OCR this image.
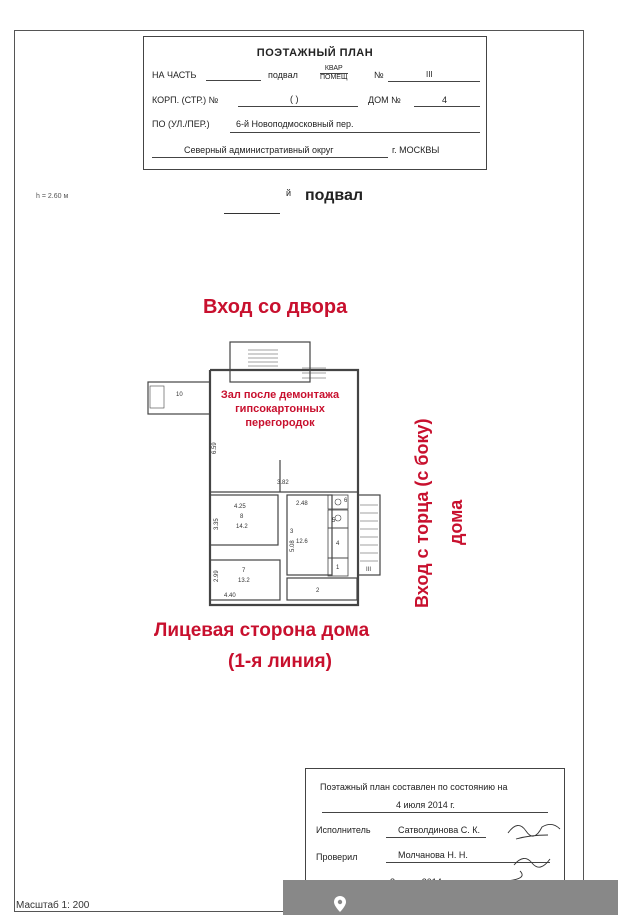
ПОЭТАЖНЫЙ ПЛАН
НА ЧАСТЬ	подвал
КВАР
ПОМЕЩ	№	III
КОРП. (СТР.) №	( )	ДОМ №	4
ПО (УЛ./ПЕР.)	6-й Новоподмосковный пер.
Северный административный округ	г. МОСКВЫ
h = 2.60 м	й подвал
Вход со двора
Лицевая сторона дома
(1-я линия)
Вход с торца (с боку) дома
10
6.59
3.82
4.25
8
14.2
3.35
2.48
3
12.6
5.08
6
5
4
1
2
7
13.2
2.99
4.40
III
Зал после демонтажа
гипсокартонных
перегородок
Поэтажный план составлен по состоянию на
4 июля 2014 г.
Исполнитель	Сатволдинова С. К.
Проверил	Молчанова Н. Н.
Масштаб 1: 200
